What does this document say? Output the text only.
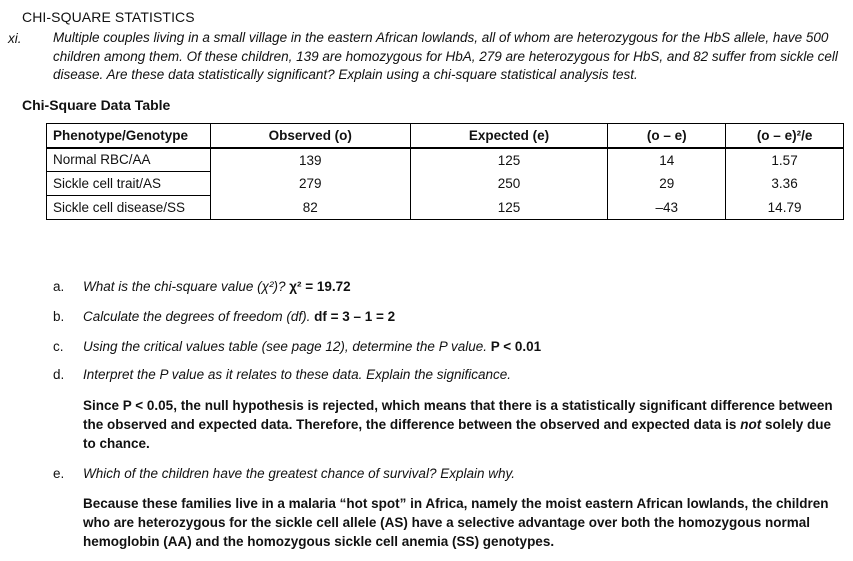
CHI-SQUARE STATISTICS
xi. Multiple couples living in a small village in the eastern African lowlands, all of whom are heterozygous for the HbS allele, have 500 children among them. Of these children, 139 are homozygous for HbA, 279 are heterozygous for HbS, and 82 suffer from sickle cell disease. Are these data statistically significant? Explain using a chi-square statistical analysis test.
Chi-Square Data Table
Phenotype/Genotype	Observed (o)	Expected (e)	(o – e)	(o – e)²/e
Normal RBC/AA	139	125	14	1.57
Sickle cell trait/AS	279	250	29	3.36
Sickle cell disease/SS	82	125	–43	14.79
a.	What is the chi-square value (χ²)? χ² = 19.72
b.	Calculate the degrees of freedom (df). df = 3 – 1 = 2
c.	Using the critical values table (see page 12), determine the P value. P < 0.01
d.	Interpret the P value as it relates to these data. Explain the significance.
Since P < 0.05, the null hypothesis is rejected, which means that there is a statistically significant difference between the observed and expected data. Therefore, the difference between the observed and expected data is not solely due to chance.
e.	Which of the children have the greatest chance of survival? Explain why.
Because these families live in a malaria “hot spot” in Africa, namely the moist eastern African lowlands, the children who are heterozygous for the sickle cell allele (AS) have a selective advantage over both the homozygous normal hemoglobin (AA) and the homozygous sickle cell anemia (SS) genotypes.
